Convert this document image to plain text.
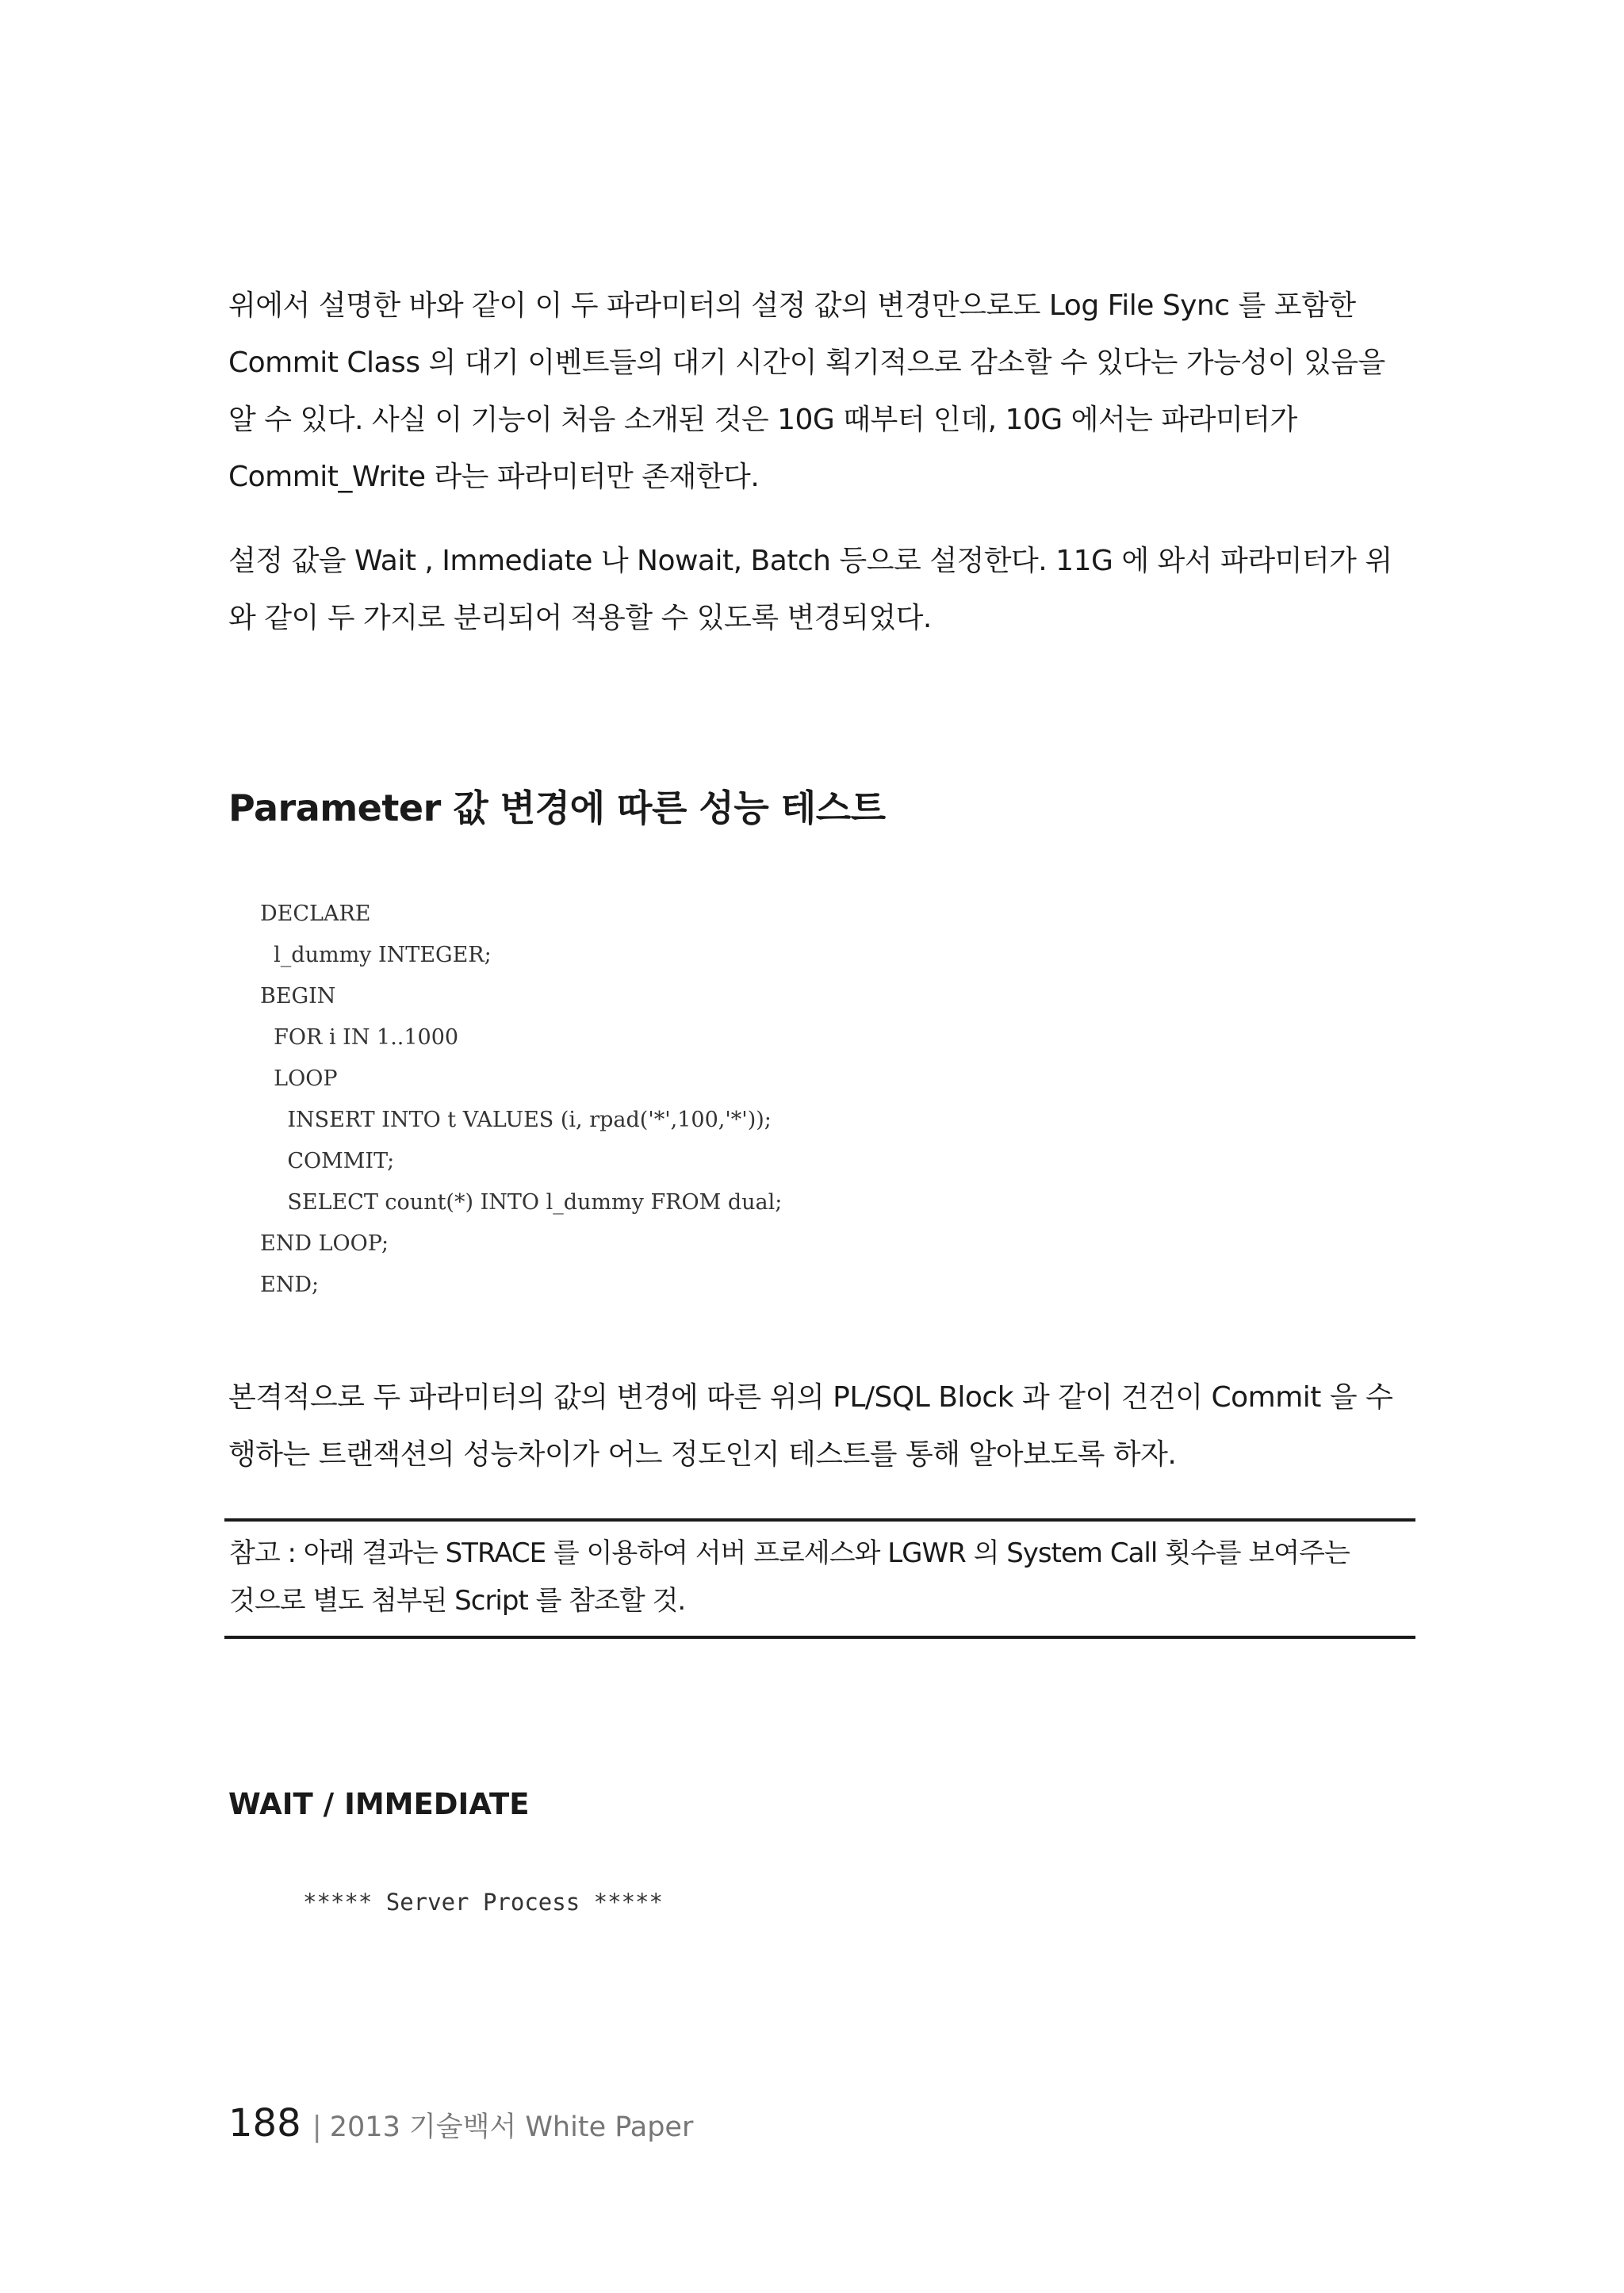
위에서 설명한 바와 같이 이 두 파라미터의 설정 값의 변경만으로도 Log File Sync 를 포함한
Commit Class 의 대기 이벤트들의 대기 시간이 획기적으로 감소할 수 있다는 가능성이 있음을
알 수 있다. 사실 이 기능이 처음 소개된 것은 10G 때부터 인데, 10G 에서는 파라미터가
Commit_Write 라는 파라미터만 존재한다.
설정 값을 Wait , Immediate 나 Nowait, Batch 등으로 설정한다. 11G 에 와서 파라미터가 위
와 같이 두 가지로 분리되어 적용할 수 있도록 변경되었다.
Parameter 값 변경에 따른 성능 테스트
DECLARE
l_dummy INTEGER;
BEGIN
FOR i IN 1..1000
LOOP
INSERT INTO t VALUES (i, rpad('*',100,'*'));
COMMIT;
SELECT count(*) INTO l_dummy FROM dual;
END LOOP;
END;
본격적으로 두 파라미터의 값의 변경에 따른 위의 PL/SQL Block 과 같이 건건이 Commit 을 수
행하는 트랜잭션의 성능차이가 어느 정도인지 테스트를 통해 알아보도록 하자.
참고 : 아래 결과는 STRACE 를 이용하여 서버 프로세스와 LGWR 의 System Call 횟수를 보여주는
것으로 별도 첨부된 Script 를 참조할 것.
WAIT / IMMEDIATE
***** Server Process *****
188 | 2013 기술백서 White Paper
